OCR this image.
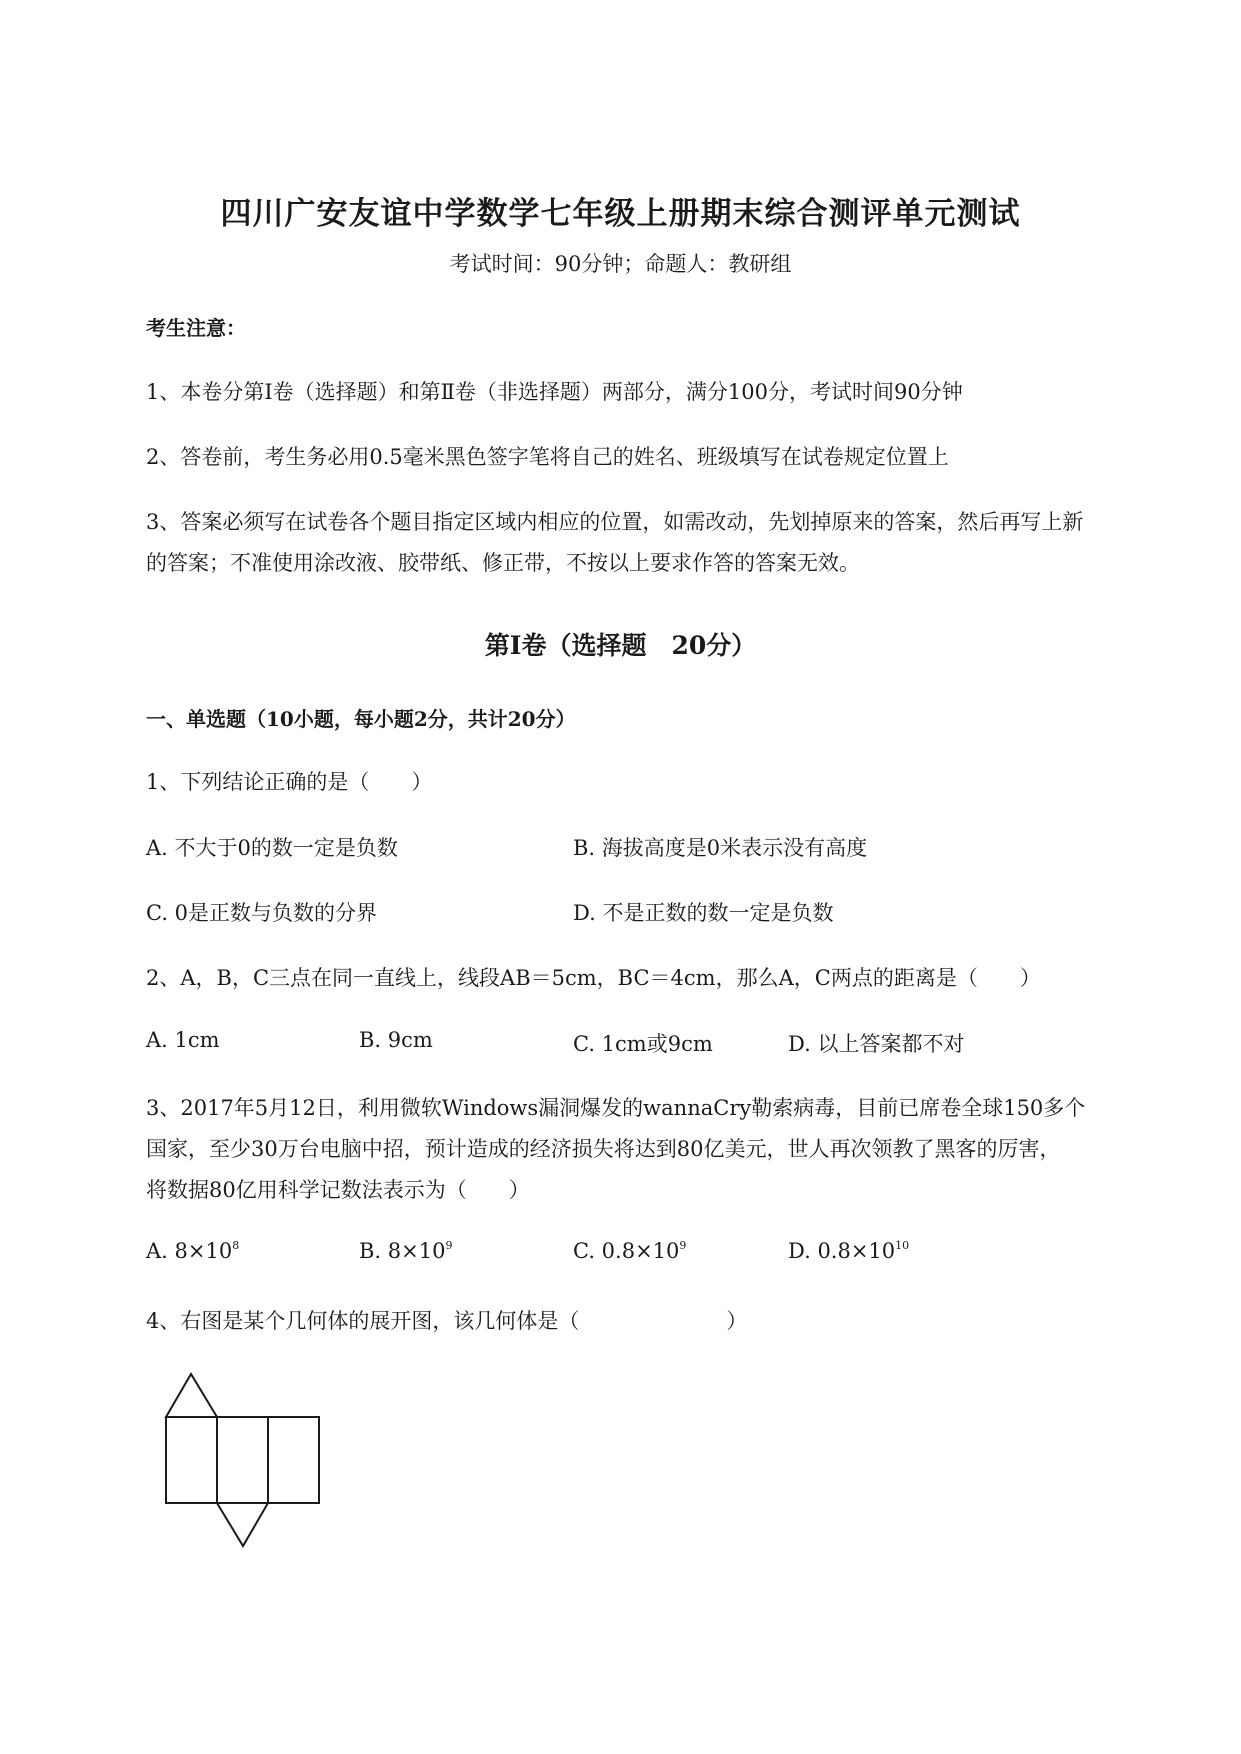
四川广安友谊中学数学七年级上册期末综合测评单元测试
考试时间：90分钟；命题人：教研组
考生注意：
1、本卷分第I卷（选择题）和第Ⅱ卷（非选择题）两部分，满分100分，考试时间90分钟
2、答卷前，考生务必用0.5毫米黑色签字笔将自己的姓名、班级填写在试卷规定位置上
3、答案必须写在试卷各个题目指定区域内相应的位置，如需改动，先划掉原来的答案，然后再写上新
的答案；不准使用涂改液、胶带纸、修正带，不按以上要求作答的答案无效。
第I卷（选择题　20分）
一、单选题（10小题，每小题2分，共计20分）
1、下列结论正确的是（　　）
A. 不大于0的数一定是负数	B. 海拔高度是0米表示没有高度
C. 0是正数与负数的分界	D. 不是正数的数一定是负数
2、A，B，C三点在同一直线上，线段AB＝5cm，BC＝4cm，那么A，C两点的距离是（　　）
A. 1cm	B. 9cm	C. 1cm或9cm	D. 以上答案都不对
3、2017年5月12日，利用微软Windows漏洞爆发的wannaCry勒索病毒，目前已席卷全球150多个
国家，至少30万台电脑中招，预计造成的经济损失将达到80亿美元，世人再次领教了黑客的厉害，
将数据80亿用科学记数法表示为（　　）
A. $8\times 10^8$	B. $8\times 10^9$	C. $0.8\times 10^9$	D. $0.8\times 10^{10}$
4、右图是某个几何体的展开图，该几何体是（　　　　　　　）
